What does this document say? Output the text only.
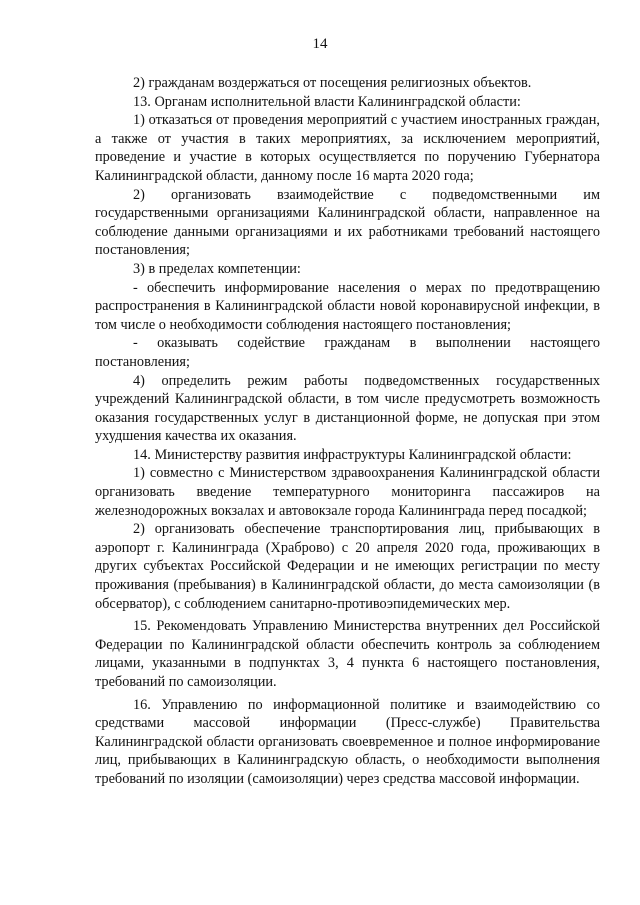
14

2) гражданам воздержаться от посещения религиозных объектов.

13. Органам исполнительной власти Калининградской области:

1) отказаться от проведения мероприятий с участием иностранных граждан, а также от участия в таких мероприятиях, за исключением мероприятий, проведение и участие в которых осуществляется по поручению Губернатора Калининградской области, данному после 16 марта 2020 года;

2) организовать взаимодействие с подведомственными им государственными организациями Калининградской области, направленное на соблюдение данными организациями и их работниками требований настоящего постановления;

3) в пределах компетенции:

- обеспечить информирование населения о мерах по предотвращению распространения в Калининградской области новой коронавирусной инфекции, в том числе о необходимости соблюдения настоящего постановления;

- оказывать содействие гражданам в выполнении настоящего постановления;

4) определить режим работы подведомственных государственных учреждений Калининградской области, в том числе предусмотреть возможность оказания государственных услуг в дистанционной форме, не допуская при этом ухудшения качества их оказания.

14. Министерству развития инфраструктуры Калининградской области:

1) совместно с Министерством здравоохранения Калининградской области организовать введение температурного мониторинга пассажиров на железнодорожных вокзалах и автовокзале города Калининграда перед посадкой;

2) организовать обеспечение транспортирования лиц, прибывающих в аэропорт г. Калининграда (Храброво) с 20 апреля 2020 года, проживающих в других субъектах Российской Федерации и не имеющих регистрации по месту проживания (пребывания) в Калининградской области, до места самоизоляции (в обсерватор), с соблюдением санитарно-противоэпидемических мер.

15. Рекомендовать Управлению Министерства внутренних дел Российской Федерации по Калининградской области обеспечить контроль за соблюдением лицами, указанными в подпунктах 3, 4 пункта 6 настоящего постановления, требований по самоизоляции.

16. Управлению по информационной политике и взаимодействию со средствами массовой информации (Пресс-службе) Правительства Калининградской области организовать своевременное и полное информирование лиц, прибывающих в Калининградскую область, о необходимости выполнения требований по изоляции (самоизоляции) через средства массовой информации.
